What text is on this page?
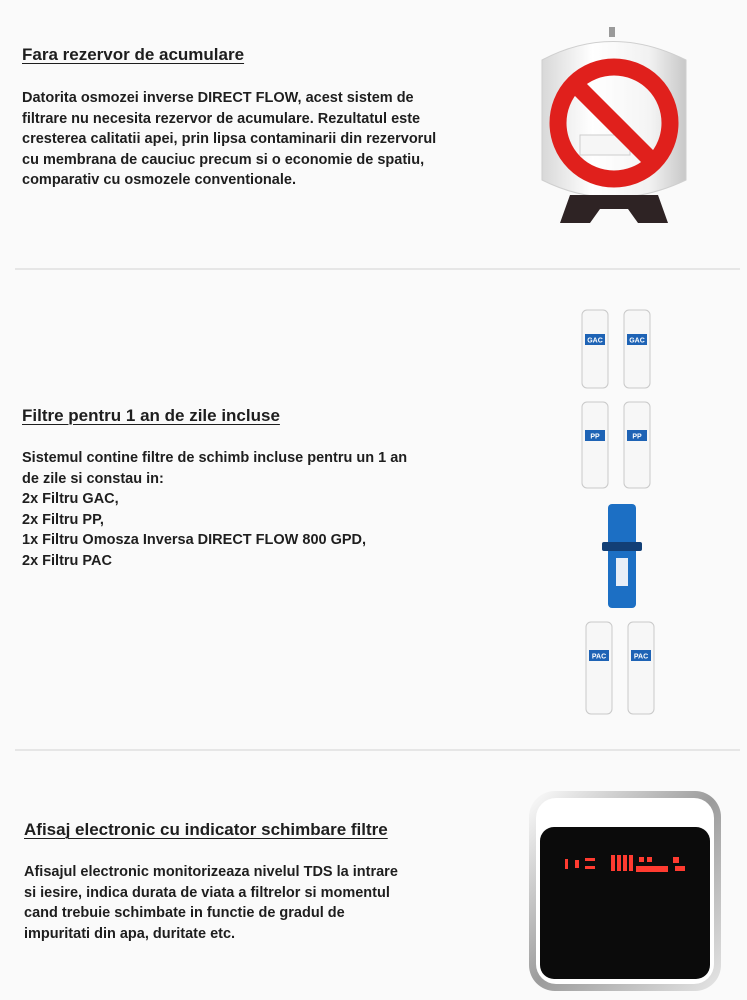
Fara rezervor de acumulare
Datorita osmozei inverse DIRECT FLOW, acest sistem de
filtrare nu necesita rezervor de acumulare. Rezultatul este
cresterea calitatii apei, prin lipsa contaminarii din rezervorul
cu membrana de cauciuc precum si o economie de spatiu,
comparativ cu osmozele conventionale.
Filtre pentru 1 an de zile incluse
Sistemul contine filtre de schimb incluse pentru un 1 an
de zile si constau in:
2x Filtru GAC,
2x Filtru PP,
1x Filtru Omosza Inversa DIRECT FLOW 800 GPD,
2x Filtru PAC
GAC	GAC
PP	PP
PAC	PAC
Afisaj electronic cu indicator schimbare filtre
Afisajul electronic monitorizeaza nivelul TDS la intrare
si iesire, indica durata de viata a filtrelor si momentul
cand trebuie schimbate in functie de gradul de
impuritati din apa, duritate etc.
